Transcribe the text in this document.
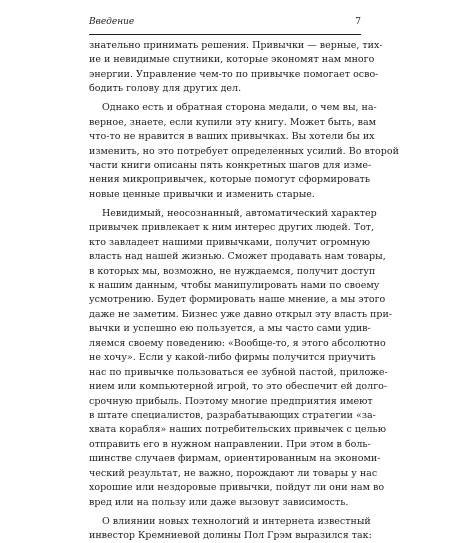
Введение	7
знательно принимать решения. Привычки — верные, тих-
ие и невидимые спутники, которые экономят нам много
энергии. Управление чем-то по привычке помогает осво-
бодить голову для других дел.
Однако есть и обратная сторона медали, о чем вы, на-
верное, знаете, если купили эту книгу. Может быть, вам
что-то не нравится в ваших привычках. Вы хотели бы их
изменить, но это потребует определенных усилий. Во второй
части книги описаны пять конкретных шагов для изме-
нения микропривычек, которые помогут сформировать
новые ценные привычки и изменить старые.
Невидимый, неосознанный, автоматический характер
привычек привлекает к ним интерес других людей. Тот,
кто завладеет нашими привычками, получит огромную
власть над нашей жизнью. Сможет продавать нам товары,
в которых мы, возможно, не нуждаемся, получит доступ
к нашим данным, чтобы манипулировать нами по своему
усмотрению. Будет формировать наше мнение, а мы этого
даже не заметим. Бизнес уже давно открыл эту власть при-
вычки и успешно ею пользуется, а мы часто сами удив-
ляемся своему поведению: «Вообще-то, я этого абсолютно
не хочу». Если у какой-либо фирмы получится приучить
нас по привычке пользоваться ее зубной пастой, приложе-
нием или компьютерной игрой, то это обеспечит ей долго-
срочную прибыль. Поэтому многие предприятия имеют
в штате специалистов, разрабатывающих стратегии «за-
хвата корабля» наших потребительских привычек с целью
отправить его в нужном направлении. При этом в боль-
шинстве случаев фирмам, ориентированным на экономи-
ческий результат, не важно, порождают ли товары у нас
хорошие или нездоровые привычки, пойдут ли они нам во
вред или на пользу или даже вызовут зависимость.
О влиянии новых технологий и интернета известный
инвестор Кремниевой долины Пол Грэм выразился так:
